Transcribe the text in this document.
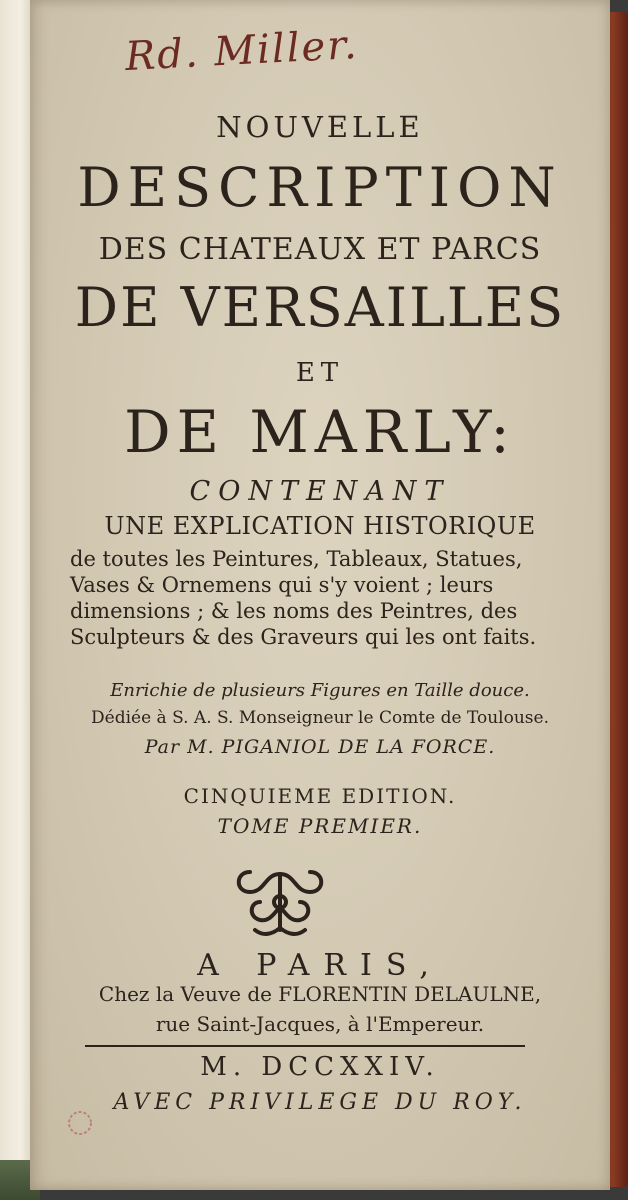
Rd. Miller.
NOUVELLE
DESCRIPTION
DES CHATEAUX ET PARCS
DE VERSAILLES
ET
DE MARLY:
CONTENANT
UNE EXPLICATION HISTORIQUE
de toutes les Peintures, Tableaux, Statues,
Vases & Ornemens qui s'y voient ; leurs
dimensions ; & les noms des Peintres, des
Sculpteurs & des Graveurs qui les ont faits.
Enrichie de plusieurs Figures en Taille douce.
Dédiée à S. A. S. Monseigneur le Comte de Toulouse.
Par M. PIGANIOL DE LA FORCE.
CINQUIEME EDITION.
TOME PREMIER.
A PARIS,
Chez la Veuve de FLORENTIN DELAULNE,
rue Saint-Jacques, à l'Empereur.
M. DCCXXIV.
AVEC PRIVILEGE DU ROY.
